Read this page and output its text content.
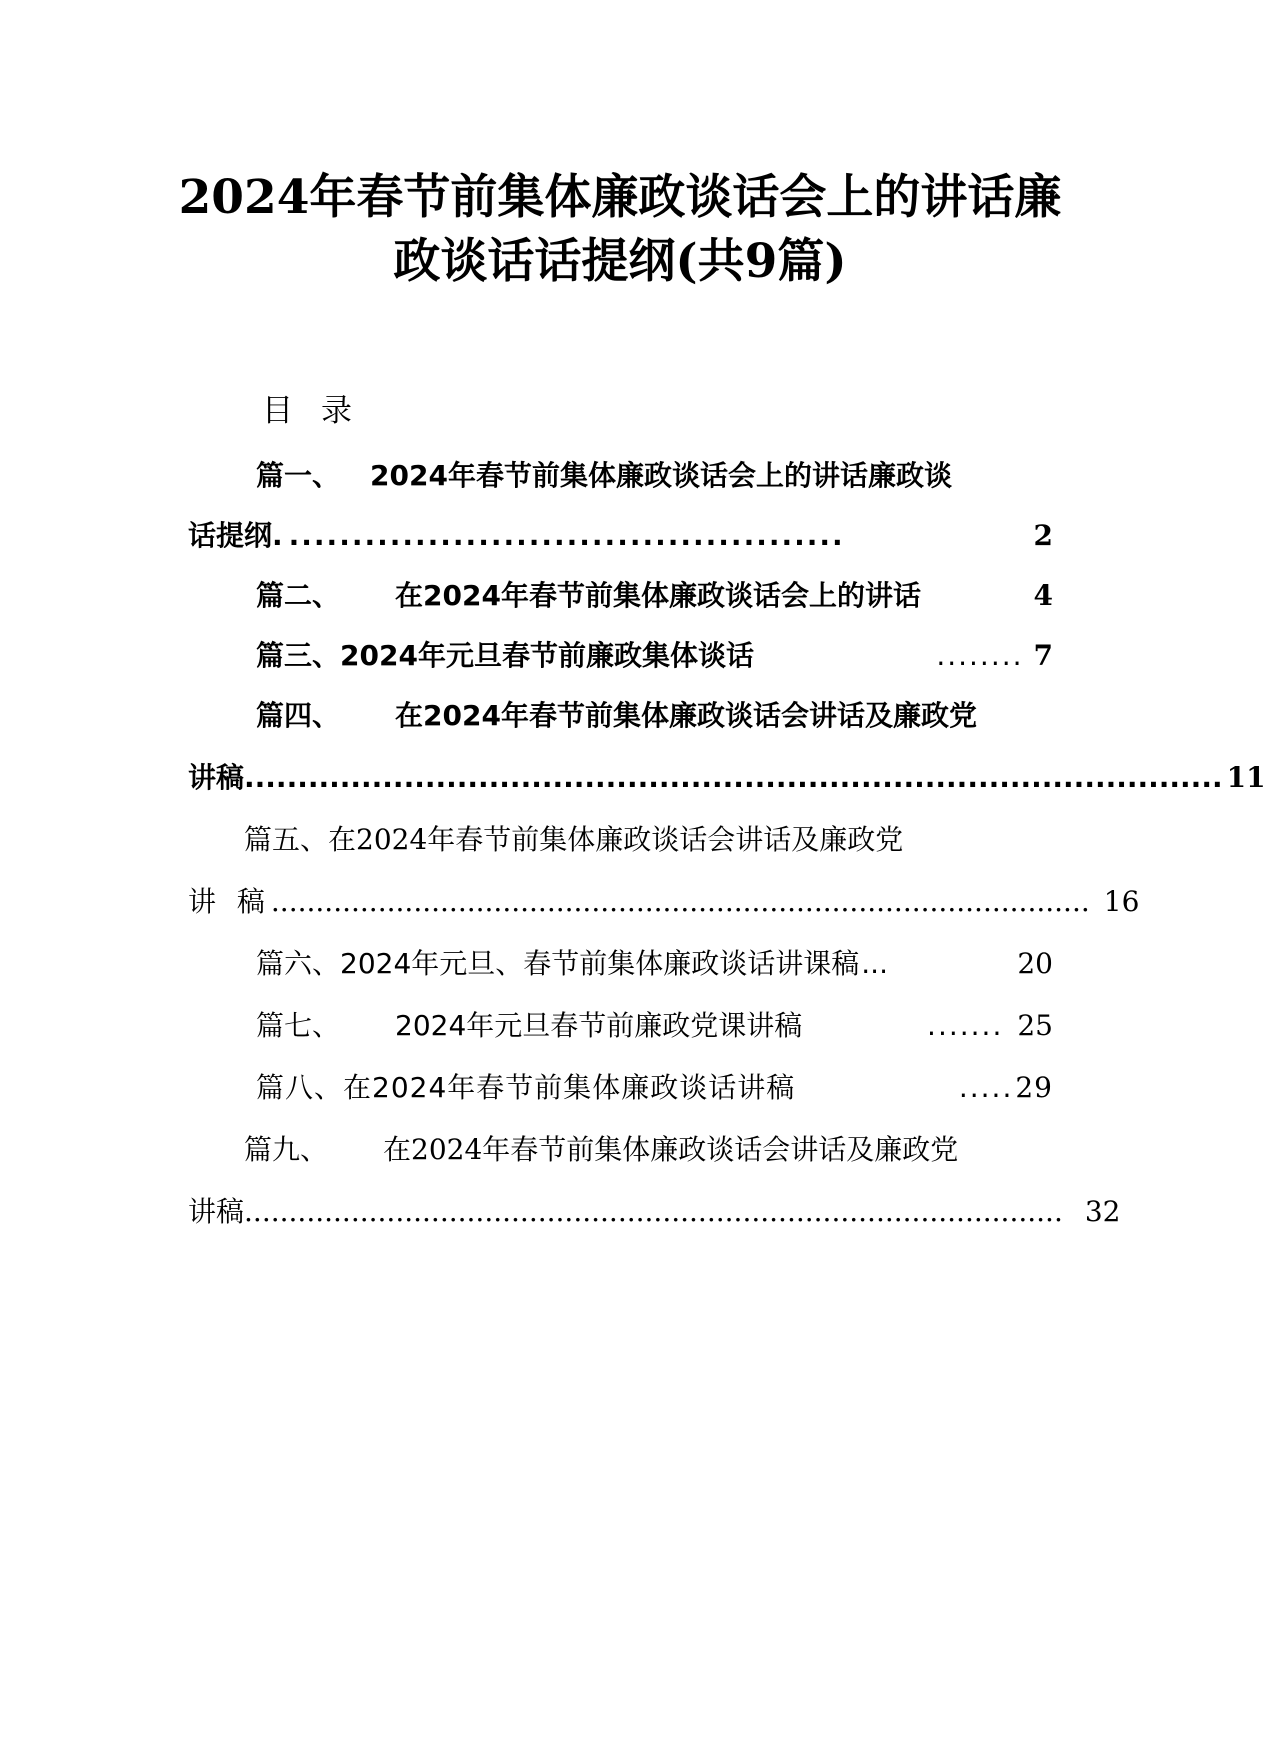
2024年春节前集体廉政谈话会上的讲话廉
政谈话话提纲(共9篇)
目录
篇一、 2024年春节前集体廉政谈话会上的讲话廉政谈
话提纲. ............................................	2
篇二、 在2024年春节前集体廉政谈话会上的讲话	4
篇三、 2024年元旦春节前廉政集体谈话	........ 7
篇四、 在2024年春节前集体廉政谈话会讲话及廉政党
讲稿 ............................................................................................ 11
篇五、 在2024年春节前集体廉政谈话会讲话及廉政党
讲 稿 ............................................................................................ 16
篇六、 2024年元旦、春节前集体廉政谈话讲课稿 ...	20
篇七、 2024年元旦春节前廉政党课讲稿	....... 25
篇八、 在2024年春节前集体廉政谈话讲稿	..... 29
篇九、 在2024年春节前集体廉政谈话会讲话及廉政党
讲稿 ............................................................................................ 32
